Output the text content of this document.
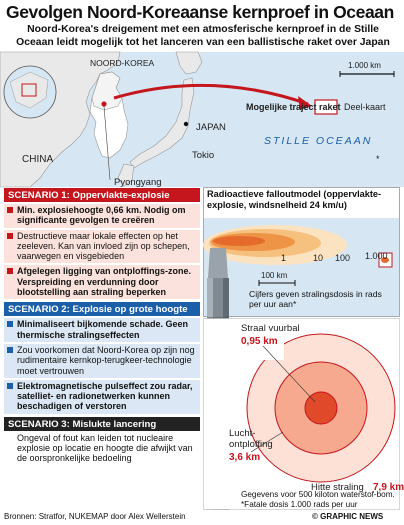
Gevolgen Noord-Koreaanse kernproef in Oceaan
Noord-Korea's dreigement met een atmosferische kernproef in de Stille Oceaan leidt mogelijk tot het lanceren van een ballistische raket over Japan
NOORD-KOREA
CHINA
JAPAN
Tokio
Pyongyang
Mogelijke traject raket
STILLE OCEAAN
Deel-kaart
1.000 km
*
SCENARIO 1: Oppervlakte-explosie
Min. explosiehoogte 0,66 km. Nodig om significante gevolgen te creëren
Destructieve maar lokale effecten op het zeeleven. Kan van invloed zijn op schepen, vaarwegen en visgebieden
Afgelegen ligging van ontploffings-zone. Verspreiding en verdunning door blootstelling aan straling beperken
SCENARIO 2: Explosie op grote hoogte
Minimaliseert bijkomende schade. Geen thermische stralingseffecten
Zou voorkomen dat Noord-Korea op zijn nog rudimentaire kernkop-terugkeer-technologie moet vertrouwen
Elektromagnetische pulseffect zou radar, satelliet- en radionetwerken kunnen beschadigen of verstoren
SCENARIO 3: Mislukte lancering
Ongeval of fout kan leiden tot nucleaire explosie op locatie en hoogte die afwijkt van de oorspronkelijke bedoeling
Radioactieve falloutmodel (oppervlakte-explosie, windsnelheid 24 km/u)
1	10 100 1.000
100 km
Cijfers geven stralingsdosis in rads per uur aan*
Straal vuurbal
0,95 km
Lucht-ontploffing
3,6 km
Hitte straling 7,9 km
Gegevens voor 500 kiloton waterstof-bom. *Fatale dosis 1.000 rads per uur
Bronnen: Stratfor, NUKEMAP door Alex Wellerstein	© GRAPHIC NEWS
